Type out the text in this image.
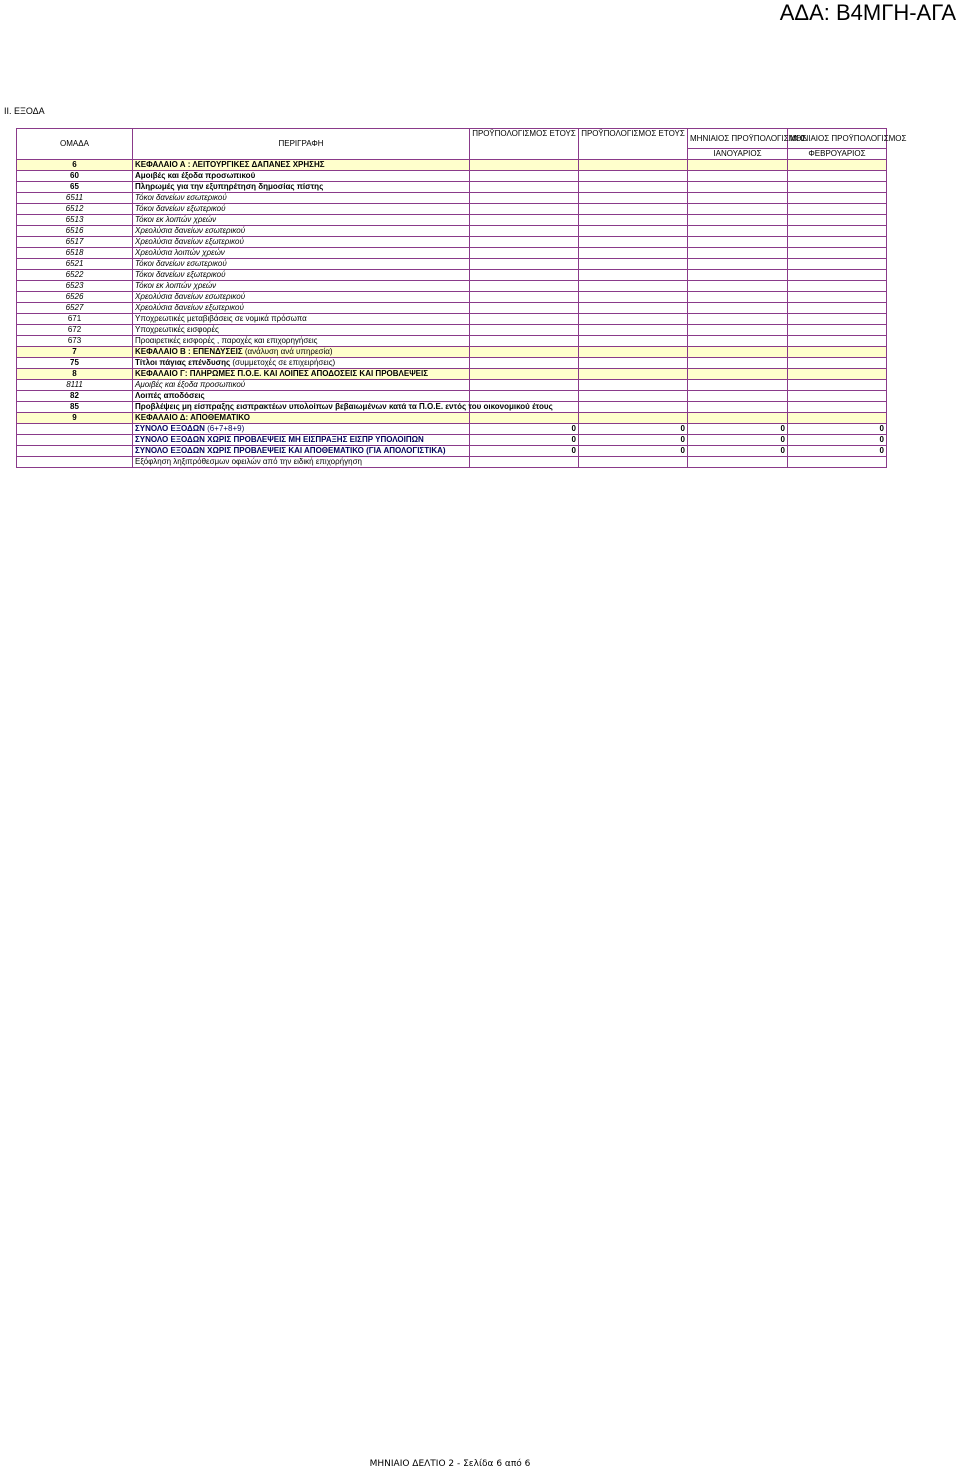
ΑΔΑ: Β4ΜΓΗ-ΑΓΑ
II. ΕΞΟΔΑ
ΟΜΑΔΑ	ΠΕΡΙΓΡΑΦΗ	ΠΡΟΫΠΟΛΟΓΙΣΜΟΣ ΕΤΟΥΣ	ΠΡΟΫΠΟΛΟΓΙΣΜΟΣ ΕΤΟΥΣ	ΜΗΝΙΑΙΟΣ ΠΡΟΫΠΟΛΟΓΙΣΜΟΣ	ΜΗΝΙΑΙΟΣ ΠΡΟΫΠΟΛΟΓΙΣΜΟΣ
				ΙΑΝΟΥΑΡΙΟΣ	ΦΕΒΡΟΥΑΡΙΟΣ
6	ΚΕΦΑΛΑΙΟ Α : ΛΕΙΤΟΥΡΓΙΚΕΣ ΔΑΠΑΝΕΣ ΧΡΗΣΗΣ				
60	Αμοιβές και έξοδα προσωπικού				
65	Πληρωμές για την εξυπηρέτηση δημοσίας πίστης				
6511	Τόκοι δανείων εσωτερικού				
6512	Τόκοι δανείων εξωτερικού				
6513	Τόκοι εκ λοιπών χρεών				
6516	Χρεολύσια δανείων εσωτερικού				
6517	Χρεολύσια δανείων εξωτερικού				
6518	Χρεολύσια λοιπών χρεών				
6521	Τόκοι δανείων εσωτερικού				
6522	Τόκοι δανείων εξωτερικού				
6523	Τόκοι εκ λοιπών χρεών				
6526	Χρεολύσια δανείων εσωτερικού				
6527	Χρεολύσια δανείων εξωτερικού				
671	Υποχρεωτικές μεταβιβάσεις σε νομικά πρόσωπα				
672	Υποχρεωτικές εισφορές				
673	Προαιρετικές εισφορές , παροχές και επιχορηγήσεις				
7	ΚΕΦΑΛΑΙΟ Β : ΕΠΕΝΔΥΣΕΙΣ (ανάλυση ανά υπηρεσία)				
75	Τίτλοι πάγιας επένδυσης (συμμετοχές σε επιχειρήσεις)				
8	ΚΕΦΑΛΑΙΟ Γ: ΠΛΗΡΩΜΕΣ Π.Ο.Ε. ΚΑΙ ΛΟΙΠΕΣ ΑΠΟΔΟΣΕΙΣ ΚΑΙ ΠΡΟΒΛΕΨΕΙΣ				
8111	Αμοιβές και έξοδα προσωπικού				
82	Λοιπές αποδόσεις				
85	Προβλέψεις μη είσπραξης εισπρακτέων υπολοίπων βεβαιωμένων κατά τα Π.Ο.Ε. εντός του οικονομικού έτους				
9	ΚΕΦΑΛΑΙΟ Δ: ΑΠΟΘΕΜΑΤΙΚΟ				
	ΣΥΝΟΛΟ ΕΞΟΔΩΝ (6+7+8+9)	0	0	0	0
	ΣΥΝΟΛΟ ΕΞΟΔΩΝ ΧΩΡΙΣ ΠΡΟΒΛΕΨΕΙΣ ΜΗ ΕΙΣΠΡΑΞΗΣ ΕΙΣΠΡ ΥΠΟΛΟΙΠΩΝ	0	0	0	0
	ΣΥΝΟΛΟ ΕΞΟΔΩΝ ΧΩΡΙΣ ΠΡΟΒΛΕΨΕΙΣ ΚΑΙ ΑΠΟΘΕΜΑΤΙΚΟ (ΓΙΑ ΑΠΟΛΟΓΙΣΤΙΚΑ)	0	0	0	0
	Εξόφληση ληξιπρόθεσμων οφειλών από την ειδική επιχορήγηση				
ΜΗΝΙΑΙΟ ΔΕΛΤΙΟ 2 - Σελίδα 6 από 6
